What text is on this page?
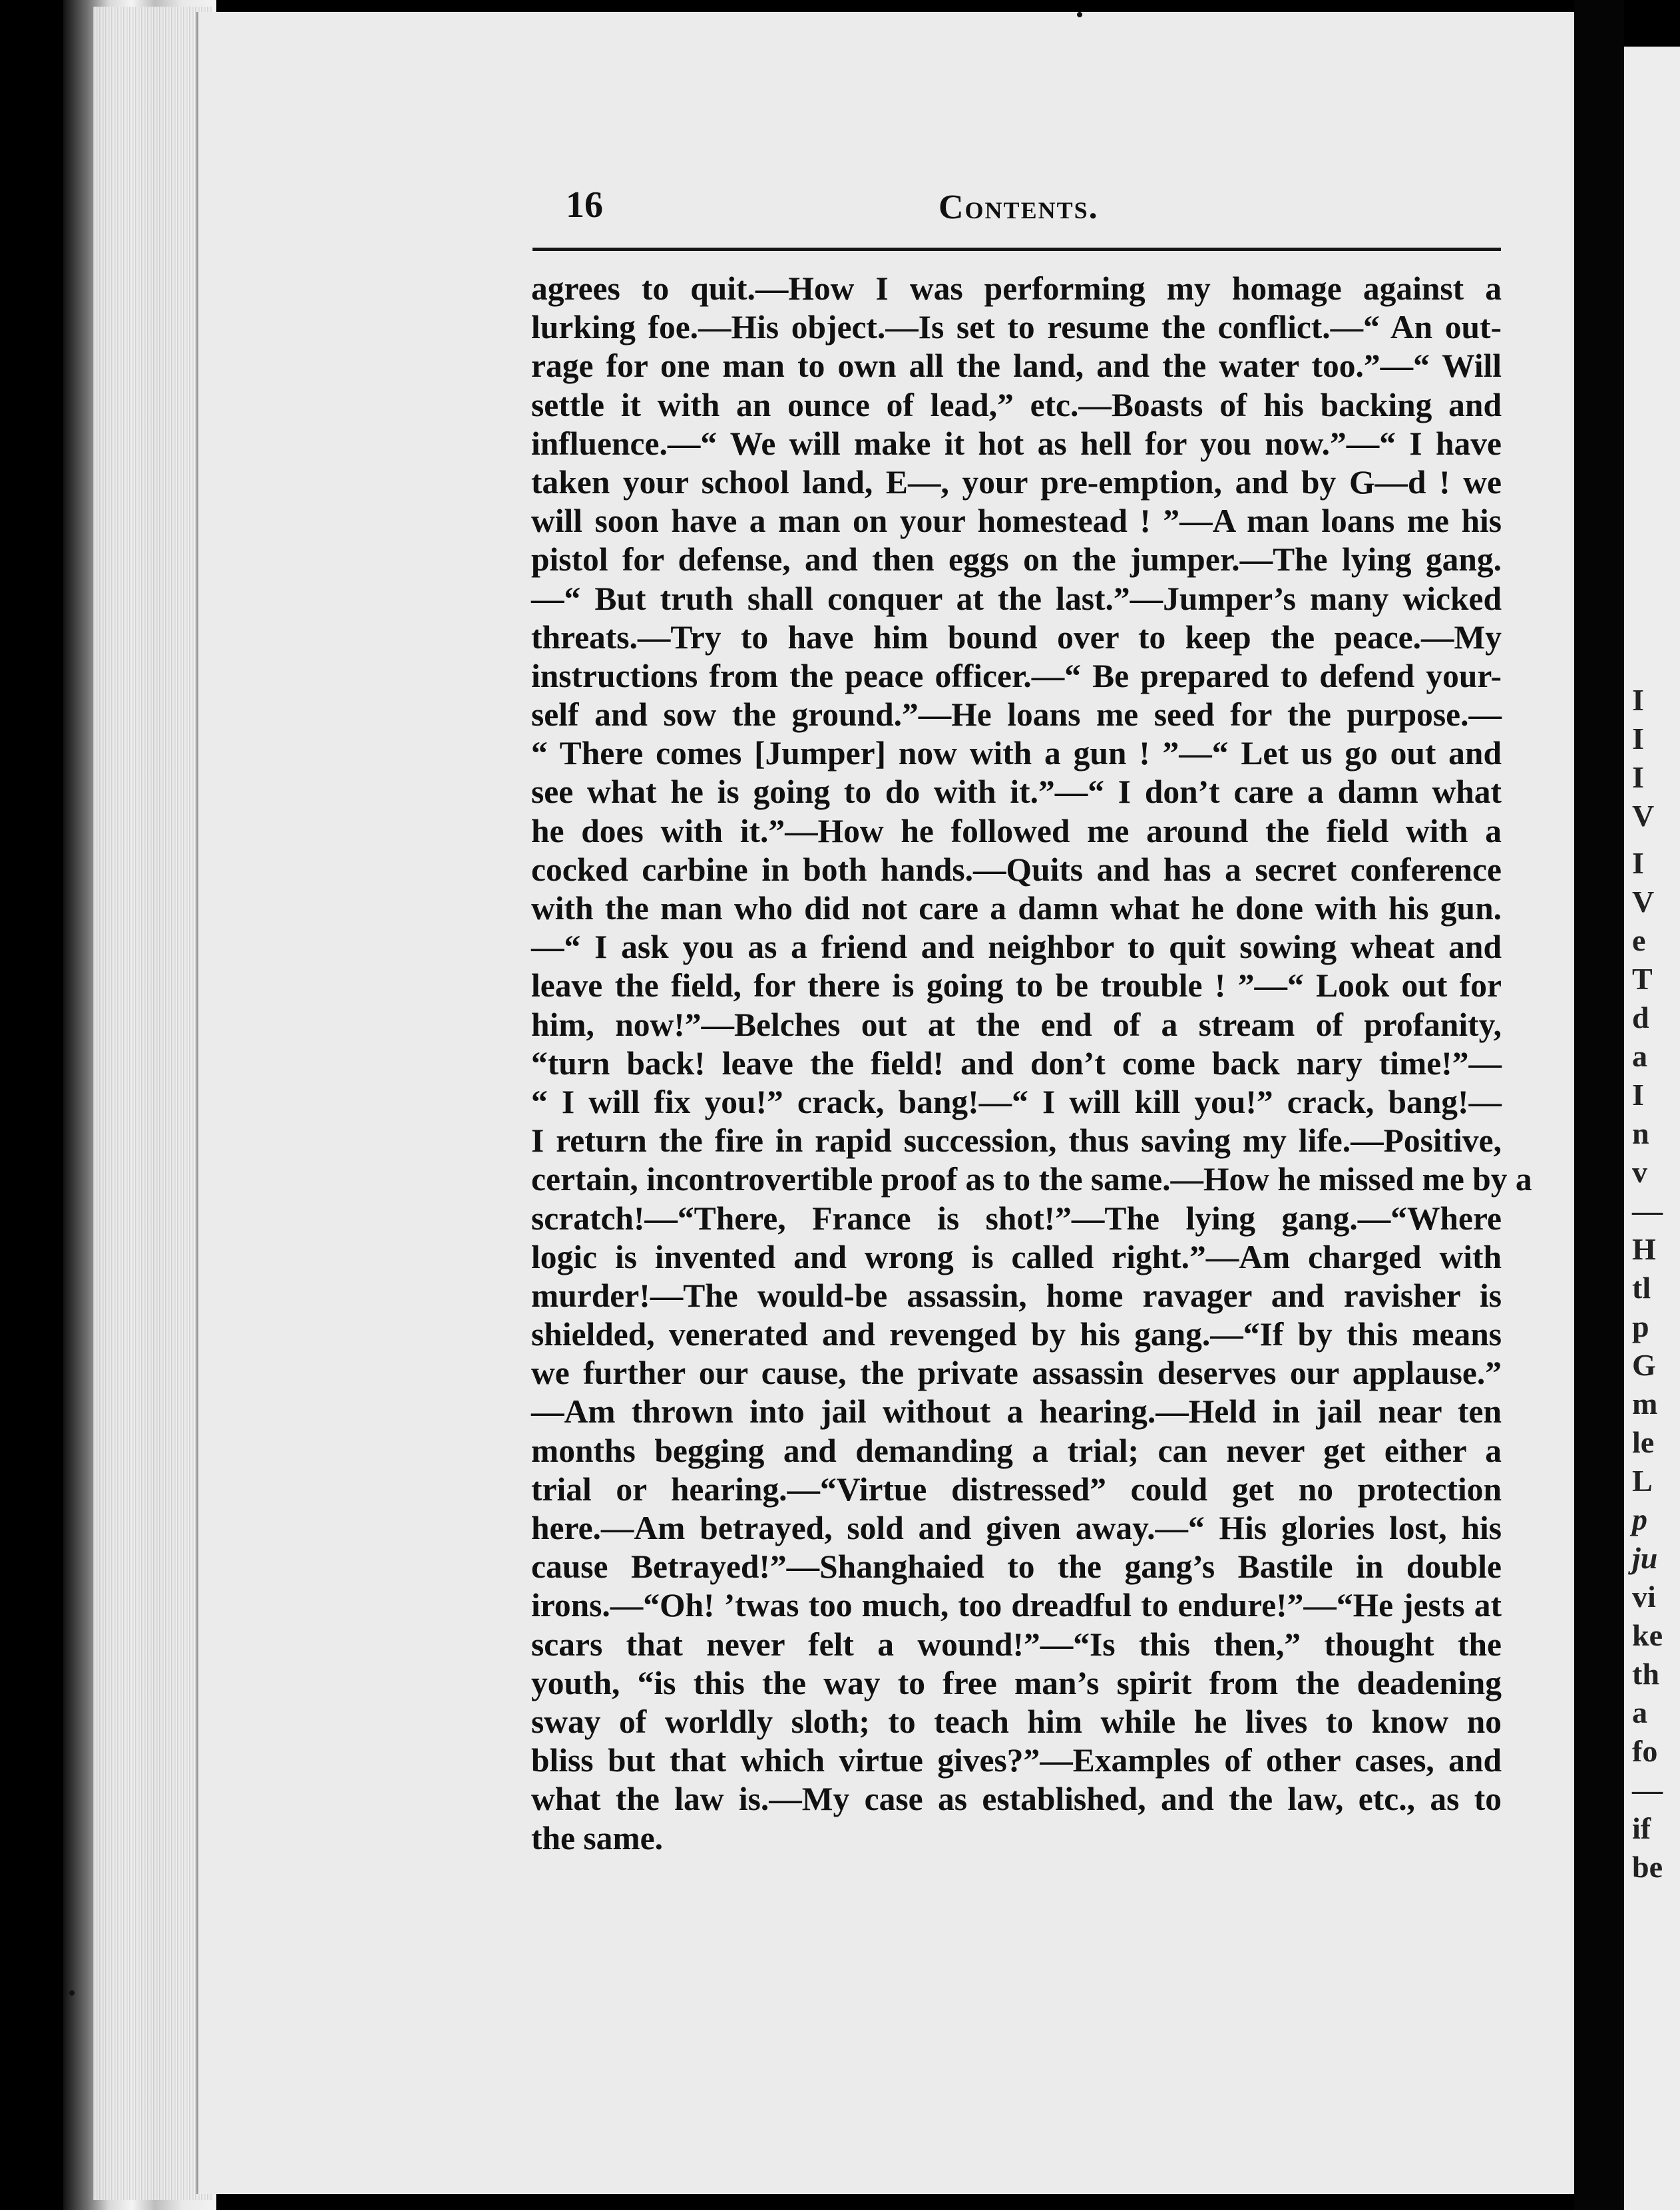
16	Contents.
agrees to quit.—How I was performing my homage against a
lurking foe.—His object.—Is set to resume the conflict.—“ An out-
rage for one man to own all the land, and the water too.”—“ Will
settle it with an ounce of lead,” etc.—Boasts of his backing and
influence.—“ We will make it hot as hell for you now.”—“ I have
taken your school land, E—, your pre-emption, and by G—d ! we
will soon have a man on your homestead ! ”—A man loans me his
pistol for defense, and then eggs on the jumper.—The lying gang.
—“ But truth shall conquer at the last.”—Jumper’s many wicked
threats.—Try to have him bound over to keep the peace.—My
instructions from the peace officer.—“ Be prepared to defend your-
self and sow the ground.”—He loans me seed for the purpose.—
“ There comes [Jumper] now with a gun ! ”—“ Let us go out and
see what he is going to do with it.”—“ I don’t care a damn what
he does with it.”—How he followed me around the field with a
cocked carbine in both hands.—Quits and has a secret conference
with the man who did not care a damn what he done with his gun.
—“ I ask you as a friend and neighbor to quit sowing wheat and
leave the field, for there is going to be trouble ! ”—“ Look out for
him, now!”—Belches out at the end of a stream of profanity,
“turn back! leave the field! and don’t come back nary time!”—
“ I will fix you!” crack, bang!—“ I will kill you!” crack, bang!—
I return the fire in rapid succession, thus saving my life.—Positive,
certain, incontrovertible proof as to the same.—How he missed me by a
scratch!—“There, France is shot!”—The lying gang.—“Where
logic is invented and wrong is called right.”—Am charged with
murder!—The would-be assassin, home ravager and ravisher is
shielded, venerated and revenged by his gang.—“If by this means
we further our cause, the private assassin deserves our applause.”
—Am thrown into jail without a hearing.—Held in jail near ten
months begging and demanding a trial; can never get either a
trial or hearing.—“Virtue distressed” could get no protection
here.—Am betrayed, sold and given away.—“ His glories lost, his
cause Betrayed!”—Shanghaied to the gang’s Bastile in double
irons.—“Oh! ’twas too much, too dreadful to endure!”—“He jests at
scars that never felt a wound!”—“Is this then,” thought the
youth, “is this the way to free man’s spirit from the deadening
sway of worldly sloth; to teach him while he lives to know no
bliss but that which virtue gives?”—Examples of other cases, and
what the law is.—My case as established, and the law, etc., as to
the same.
I
I
I
V
I
V
e
T
d
a
I
n
v
—
H
tl
p
G
m
le
L
p
ju
vi
ke
th
a
fo
—
if
be
